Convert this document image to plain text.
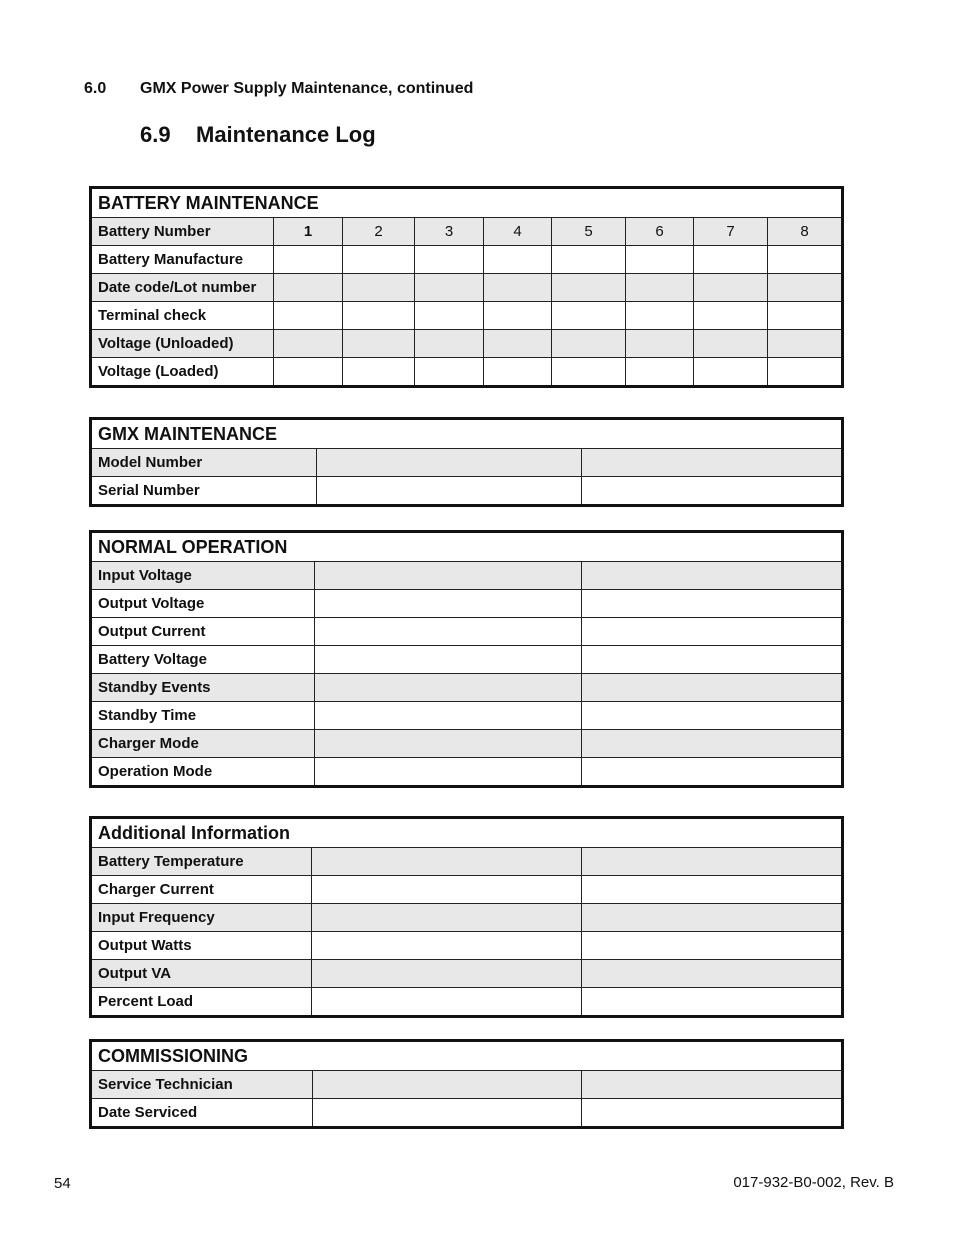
6.0 GMX Power Supply Maintenance, continued
6.9 Maintenance Log
BATTERY MAINTENANCE								
Battery Number	1	2	3	4	5	6	7	8
Battery Manufacture								
Date code/Lot number								
Terminal check								
Voltage (Unloaded)								
Voltage (Loaded)								
GMX MAINTENANCE		
Model Number		
Serial Number		
NORMAL OPERATION		
Input Voltage		
Output Voltage		
Output Current		
Battery Voltage		
Standby Events		
Standby Time		
Charger Mode		
Operation Mode		
Additional Information		
Battery Temperature		
Charger Current		
Input Frequency		
Output Watts		
Output VA		
Percent Load		
COMMISSIONING		
Service Technician		
Date Serviced		
54	017-932-B0-002, Rev. B
